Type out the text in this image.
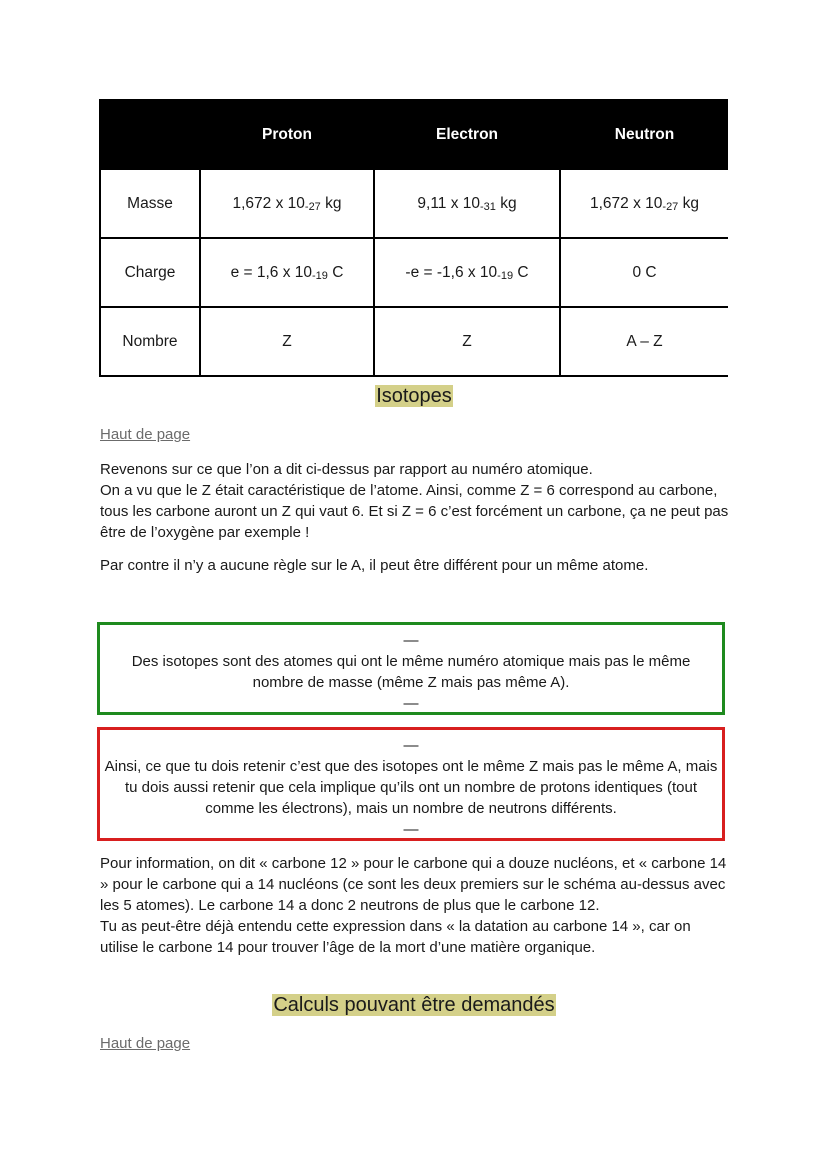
	Proton	Electron	Neutron
Masse	1,672 x $10_{-27}$ kg	9,11 x $10_{-31}$ kg	1,672 x $10_{-27}$ kg
Charge	e = 1,6 x $10_{-19}$ C	-e = -1,6 x $10_{-19}$ C	0 C
Nombre	Z	Z	A – Z
Isotopes
Haut de page

Revenons sur ce que l’on a dit ci-dessus par rapport au numéro atomique.
On a vu que le Z était caractéristique de l’atome. Ainsi, comme Z = 6 correspond au carbone, tous les carbone auront un Z qui vaut 6. Et si Z = 6 c’est forcément un carbone, ça ne peut pas être de l’oxygène par exemple !

Par contre il n’y a aucune règle sur le A, il peut être différent pour un même atome.

—
Des isotopes sont des atomes qui ont le même numéro atomique mais pas le même nombre de masse (même Z mais pas même A).
—
—
Ainsi, ce que tu dois retenir c’est que des isotopes ont le même Z mais pas le même A, mais tu dois aussi retenir que cela implique qu’ils ont un nombre de protons identiques (tout comme les électrons), mais un nombre de neutrons différents.
—

Pour information, on dit « carbone 12 » pour le carbone qui a douze nucléons, et « carbone 14 » pour le carbone qui a 14 nucléons (ce sont les deux premiers sur le schéma au-dessus avec les 5 atomes). Le carbone 14 a donc 2 neutrons de plus que le carbone 12.
Tu as peut-être déjà entendu cette expression dans « la datation au carbone 14 », car on utilise le carbone 14 pour trouver l’âge de la mort d’une matière organique.

Calculs pouvant être demandés
Haut de page
